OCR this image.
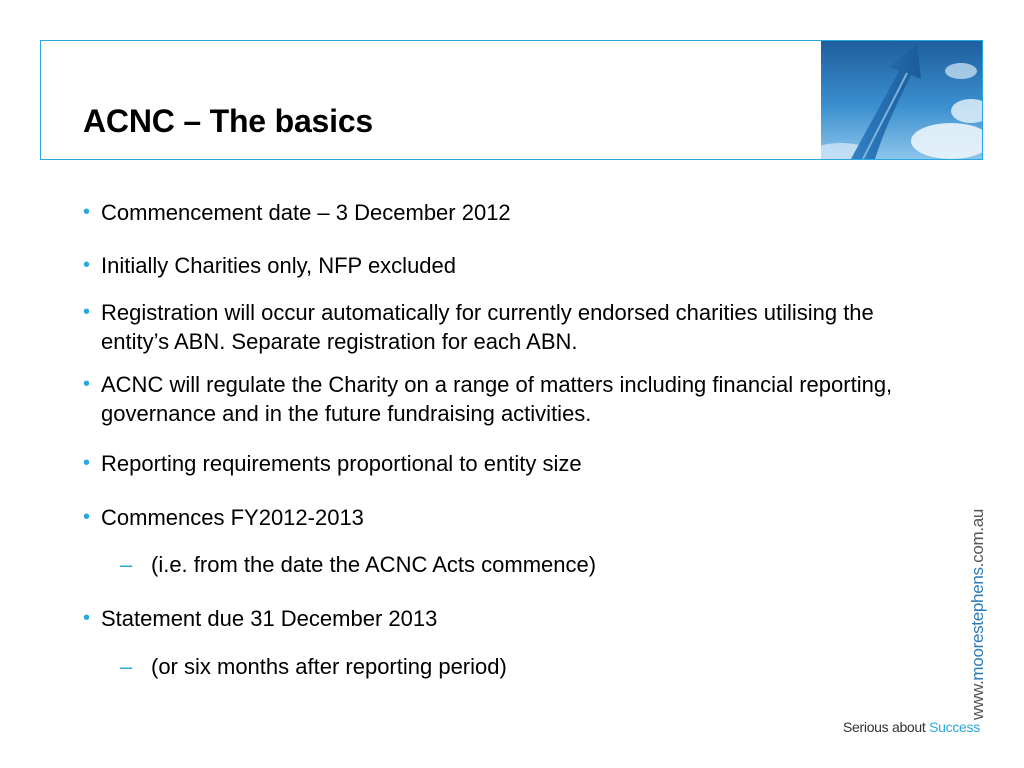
ACNC – The basics
• Commencement date – 3 December 2012
• Initially Charities only, NFP excluded
• Registration will occur automatically for currently endorsed charities utilising the entity’s ABN. Separate registration for each ABN.
• ACNC will regulate the Charity on a range of matters including financial reporting, governance and in the future fundraising activities.
• Reporting requirements proportional to entity size
• Commences FY2012-2013
– (i.e. from the date the ACNC Acts commence)
• Statement due 31 December 2013
– (or six months after reporting period)
www.moorestephens.com.au
Serious about Success
